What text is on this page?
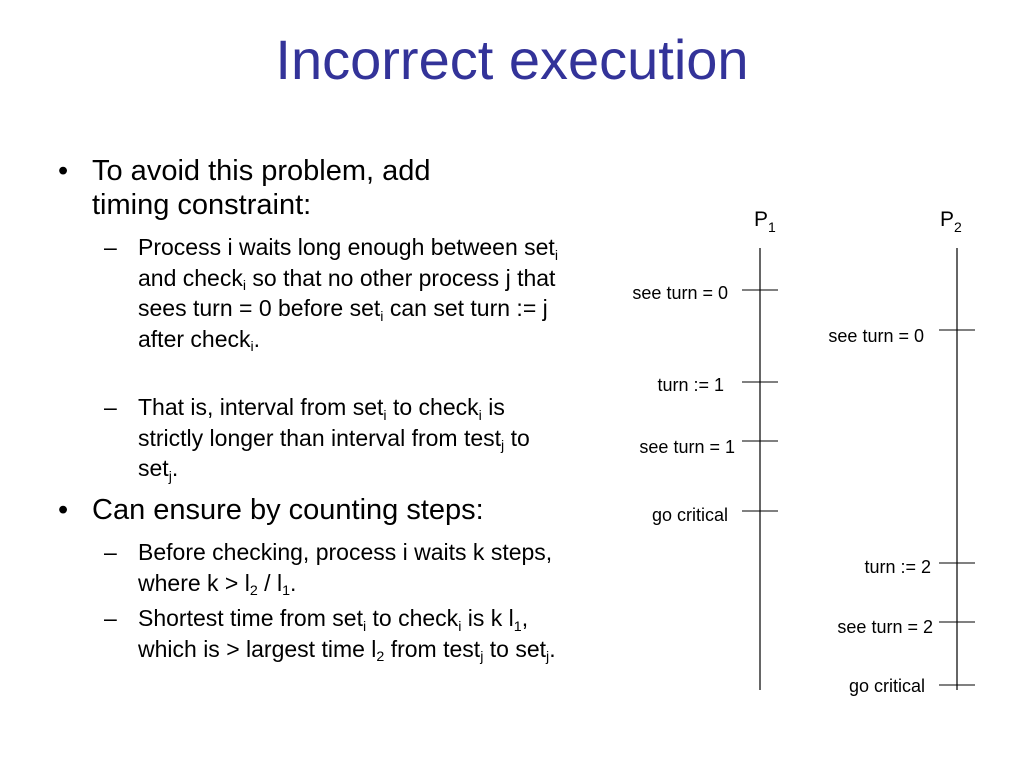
Incorrect execution
• To avoid this problem, add timing constraint:
– Process i waits long enough between set$_i$ and check$_i$ so that no other process j that sees turn = 0 before set$_i$ can set turn := j after check$_i$.
– That is, interval from set$_i$ to check$_i$ is strictly longer than interval from test$_j$ to set$_j$.
• Can ensure by counting steps:
– Before checking, process i waits k steps, where $k > l_2 / l_1$.
– Shortest time from set$_i$ to check$_i$ is k $l_1$, which is > largest time $l_2$ from test$_j$ to set$_j$.
$P_1$	$P_2$
see turn = 0
turn := 1
see turn = 1
go critical
see turn = 0
turn := 2
see turn = 2
go critical
